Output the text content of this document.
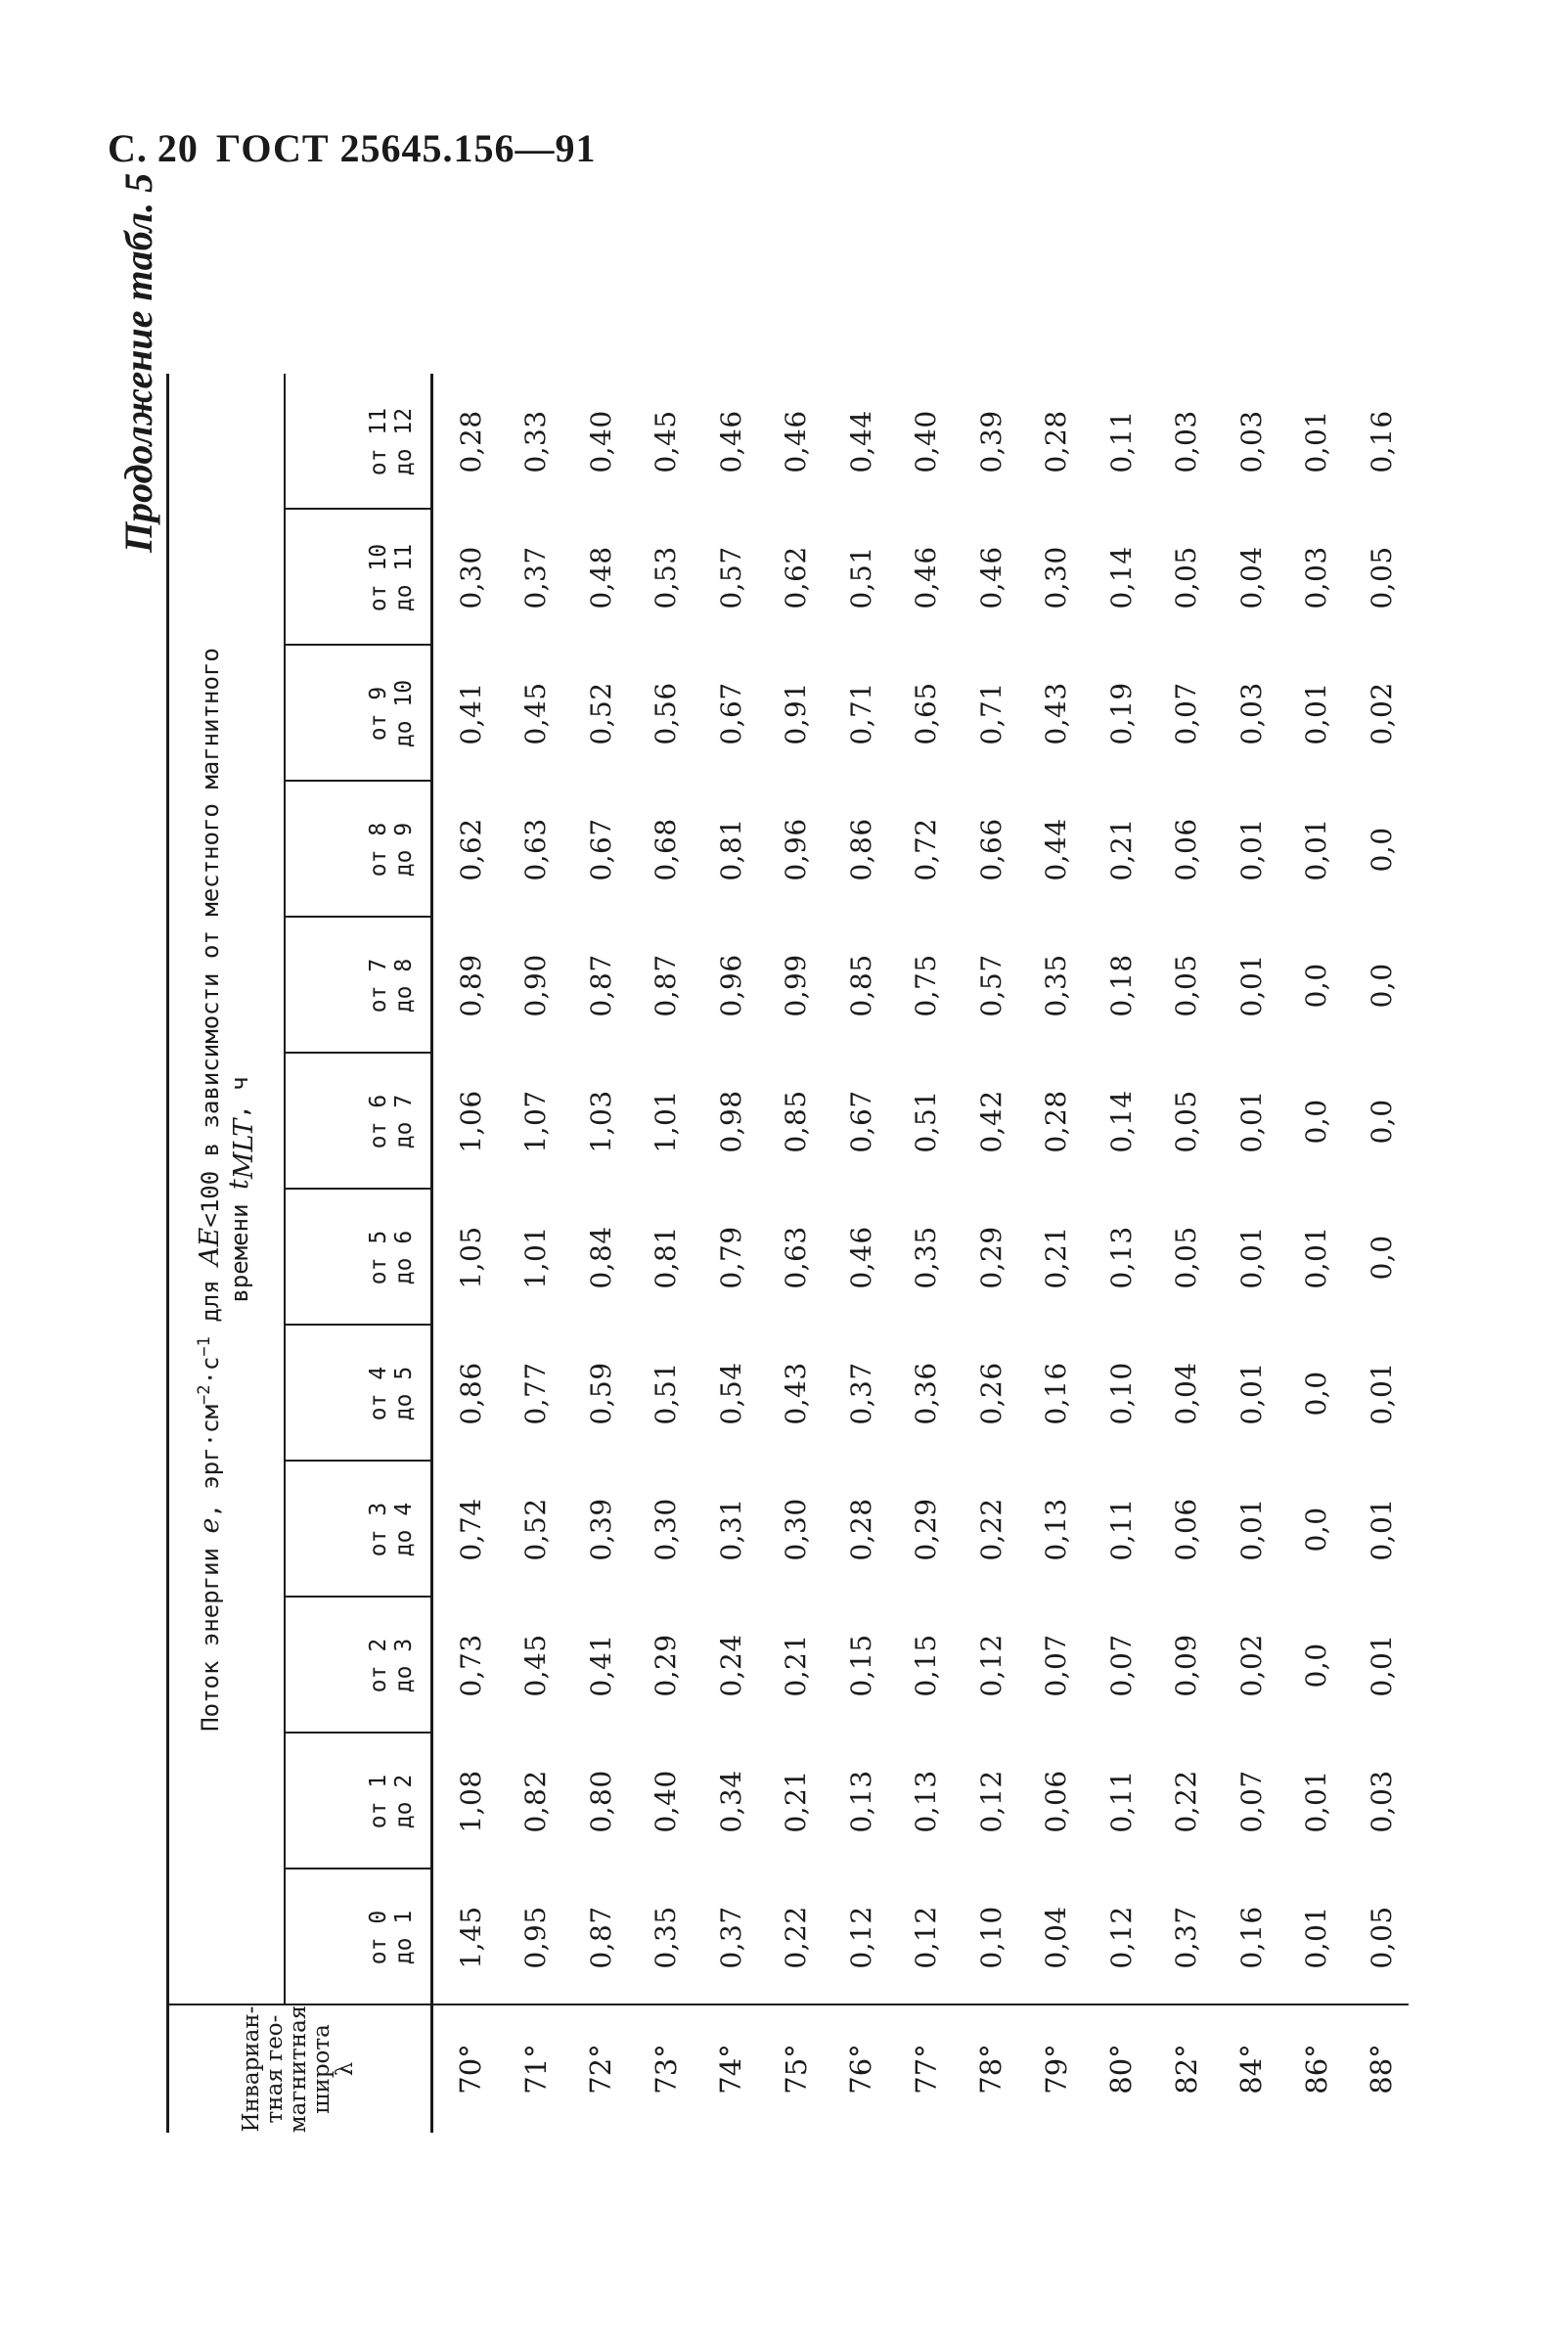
С. 20 ГОСТ 25645.156—91
Продолжение табл. 5
Инвариан-
тная гео-
магнитная
широта
λ
Поток энергии e, $эрг\cdot см^{-2}\cdot с^{-1}$ для AE<100 в зависимости от местного магнитного
времени $t_{MLT}$, ч
от 0 до 1
от 1 до 2
от 2 до 3
от 3 до 4
от 4 до 5
от 5 до 6
от 6 до 7
от 7 до 8
от 8 до 9
от 9 до 10
от 10 до 11
от 11 до 12
70°
1,45
1,08
0,73
0,74
0,86
1,05
1,06
0,89
0,62
0,41
0,30
0,28
71°
0,95
0,82
0,45
0,52
0,77
1,01
1,07
0,90
0,63
0,45
0,37
0,33
72°
0,87
0,80
0,41
0,39
0,59
0,84
1,03
0,87
0,67
0,52
0,48
0,40
73°
0,35
0,40
0,29
0,30
0,51
0,81
1,01
0,87
0,68
0,56
0,53
0,45
74°
0,37
0,34
0,24
0,31
0,54
0,79
0,98
0,96
0,81
0,67
0,57
0,46
75°
0,22
0,21
0,21
0,30
0,43
0,63
0,85
0,99
0,96
0,91
0,62
0,46
76°
0,12
0,13
0,15
0,28
0,37
0,46
0,67
0,85
0,86
0,71
0,51
0,44
77°
0,12
0,13
0,15
0,29
0,36
0,35
0,51
0,75
0,72
0,65
0,46
0,40
78°
0,10
0,12
0,12
0,22
0,26
0,29
0,42
0,57
0,66
0,71
0,46
0,39
79°
0,04
0,06
0,07
0,13
0,16
0,21
0,28
0,35
0,44
0,43
0,30
0,28
80°
0,12
0,11
0,07
0,11
0,10
0,13
0,14
0,18
0,21
0,19
0,14
0,11
82°
0,37
0,22
0,09
0,06
0,04
0,05
0,05
0,05
0,06
0,07
0,05
0,03
84°
0,16
0,07
0,02
0,01
0,01
0,01
0,01
0,01
0,01
0,03
0,04
0,03
86°
0,01
0,01
0,0
0,0
0,0
0,01
0,0
0,0
0,01
0,01
0,03
0,01
88°
0,05
0,03
0,01
0,01
0,01
0,0
0,0
0,0
0,0
0,02
0,05
0,16
